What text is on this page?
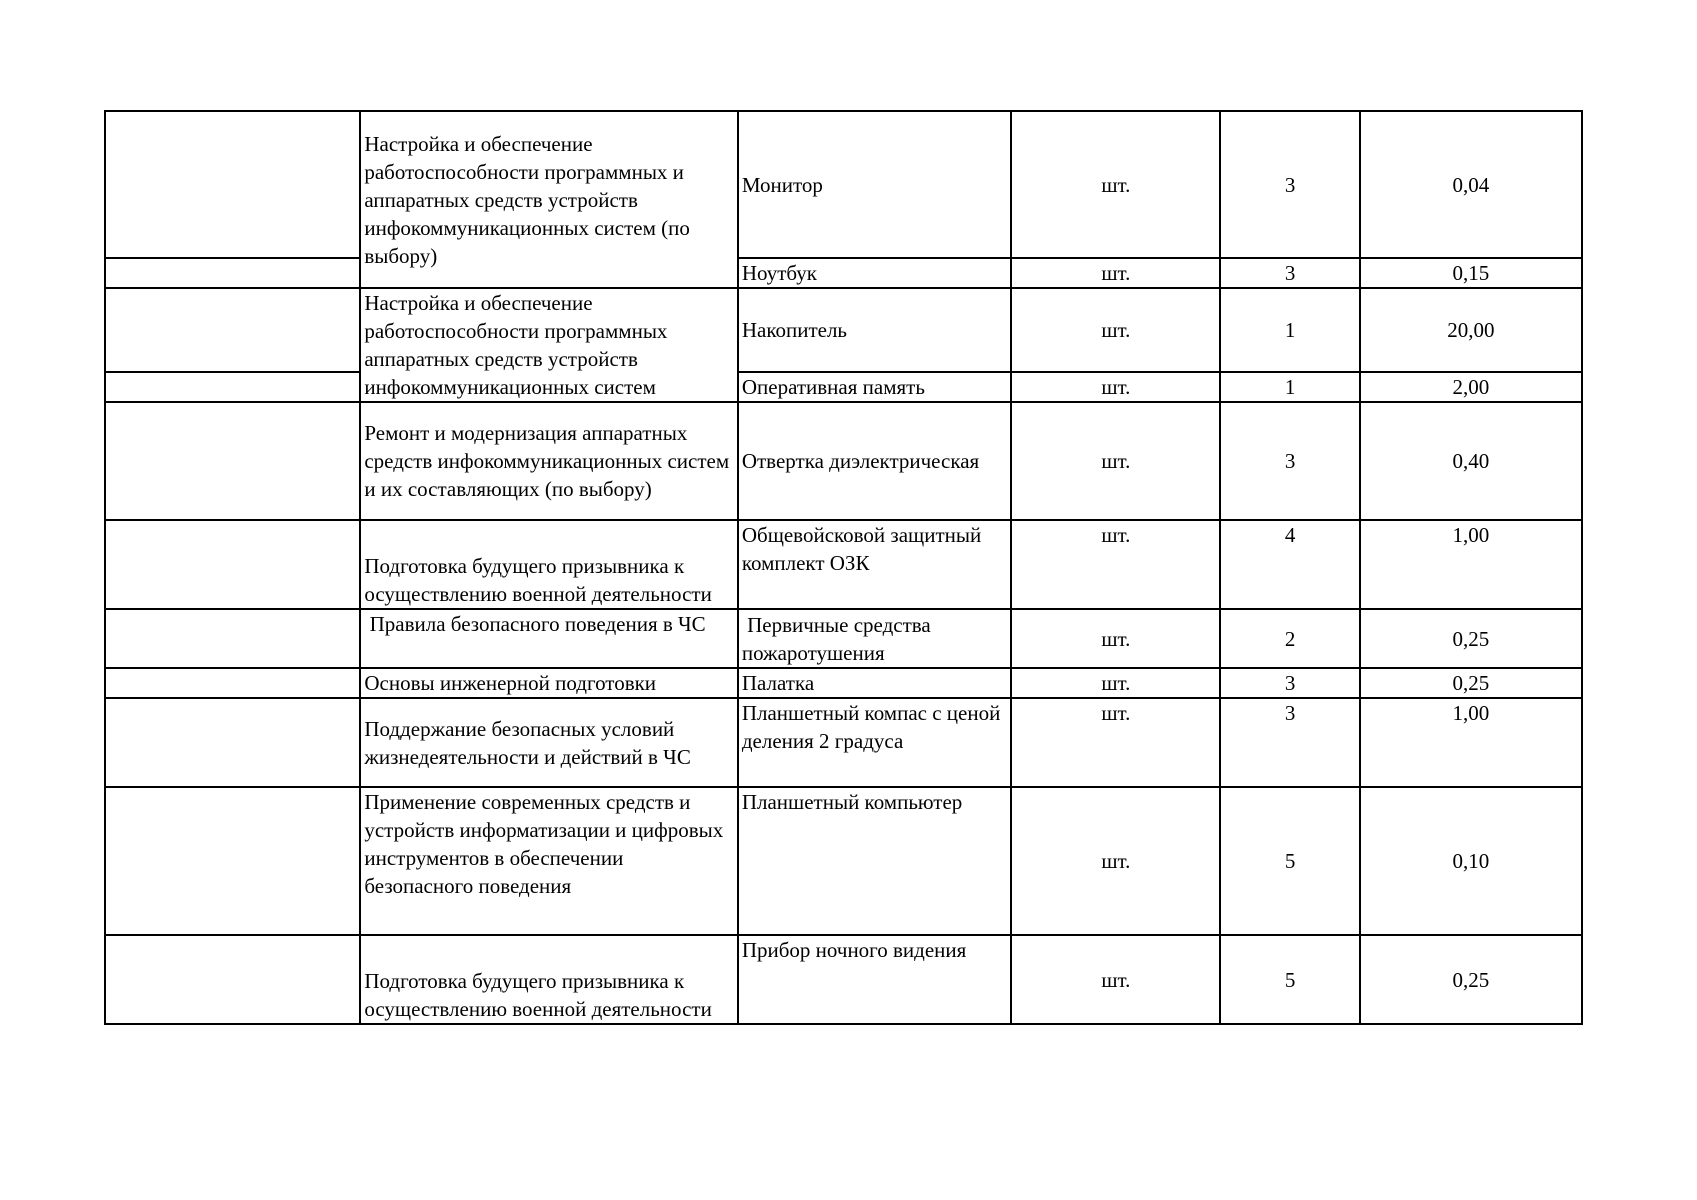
	Настройка и обеспечение работоспособности программных и аппаратных средств устройств инфокоммуникационных систем (по выбору)	Монитор	шт.	3	0,04
		Ноутбук	шт.	3	0,15
	Настройка и обеспечение работоспособности программных аппаратных средств устройств инфокоммуникационных систем	Накопитель	шт.	1	20,00
		Оперативная память	шт.	1	2,00
	Ремонт и модернизация аппаратных средств инфокоммуникационных систем и их составляющих (по выбору)	Отвертка диэлектрическая	шт.	3	0,40
	Подготовка будущего призывника к осуществлению военной деятельности	Общевойсковой защитный комплект ОЗК	шт.	4	1,00
	Правила безопасного поведения в ЧС	Первичные средства пожаротушения	шт.	2	0,25
	Основы инженерной подготовки	Палатка	шт.	3	0,25
	Поддержание безопасных условий жизнедеятельности и действий в ЧС	Планшетный компас с ценой деления 2 градуса	шт.	3	1,00
	Применение современных средств и устройств информатизации и цифровых инструментов в обеспечении безопасного поведения	Планшетный компьютер	шт.	5	0,10
	Подготовка будущего призывника к осуществлению военной деятельности	Прибор ночного видения	шт.	5	0,25
